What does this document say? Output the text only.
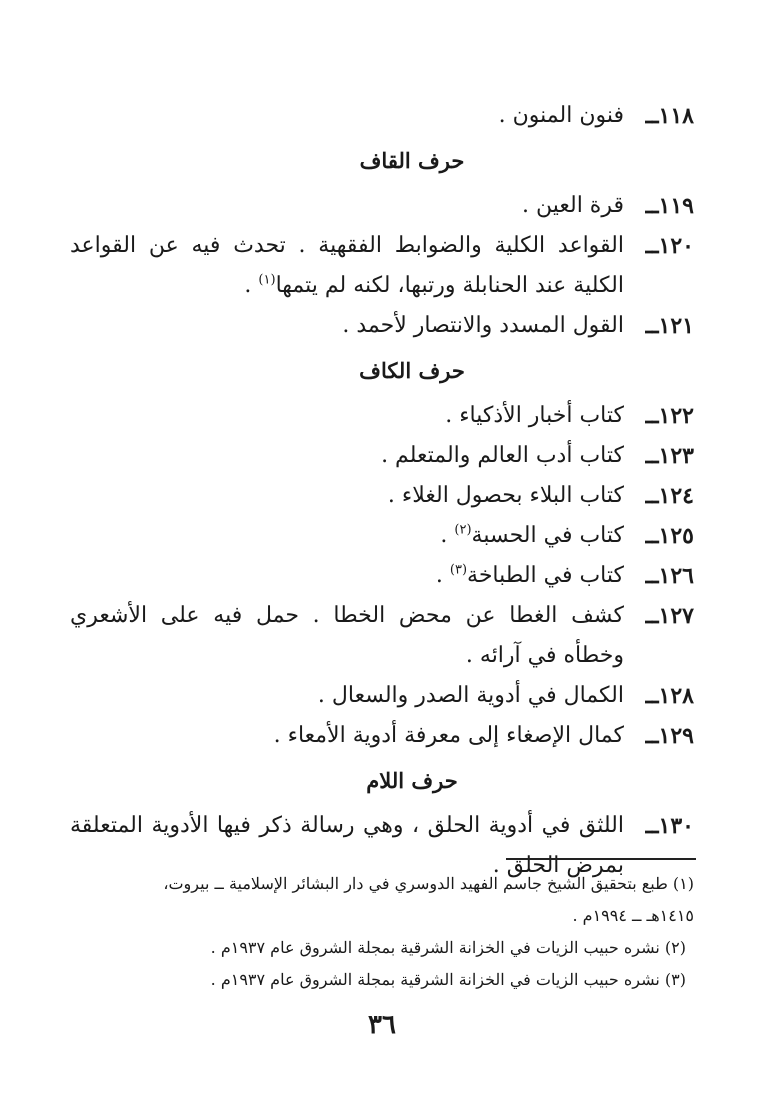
١١٨ــ
فنون المنون .
حرف القاف
١١٩ــ
قرة العين .
١٢٠ــ
القواعد الكلية والضوابط الفقهية . تحدث فيه عن القواعد الكلية عند الحنابلة ورتبها، لكنه لم يتمها$^{(١)}$ .
١٢١ــ
القول المسدد والانتصار لأحمد .
حرف الكاف
١٢٢ــ
كتاب أخبار الأذكياء .
١٢٣ــ
كتاب أدب العالم والمتعلم .
١٢٤ــ
كتاب البلاء بحصول الغلاء .
١٢٥ــ
كتاب في الحسبة$^{(٢)}$ .
١٢٦ــ
كتاب في الطباخة$^{(٣)}$ .
١٢٧ــ
كشف الغطا عن محض الخطا . حمل فيه على الأشعري وخطأه في آرائه .
١٢٨ــ
الكمال في أدوية الصدر والسعال .
١٢٩ــ
كمال الإصغاء إلى معرفة أدوية الأمعاء .
حرف اللام
١٣٠ــ
اللثق في أدوية الحلق ، وهي رسالة ذكر فيها الأدوية المتعلقة بمرض الحلق .

(١) طبع بتحقيق الشيخ جاسم الفهيد الدوسري في دار البشائر الإسلامية ــ بيروت،
١٤١٥هـ ــ ١٩٩٤م .

(٢) نشره حبيب الزيات في الخزانة الشرقية بمجلة الشروق عام ١٩٣٧م .

(٣) نشره حبيب الزيات في الخزانة الشرقية بمجلة الشروق عام ١٩٣٧م .

٣٦
